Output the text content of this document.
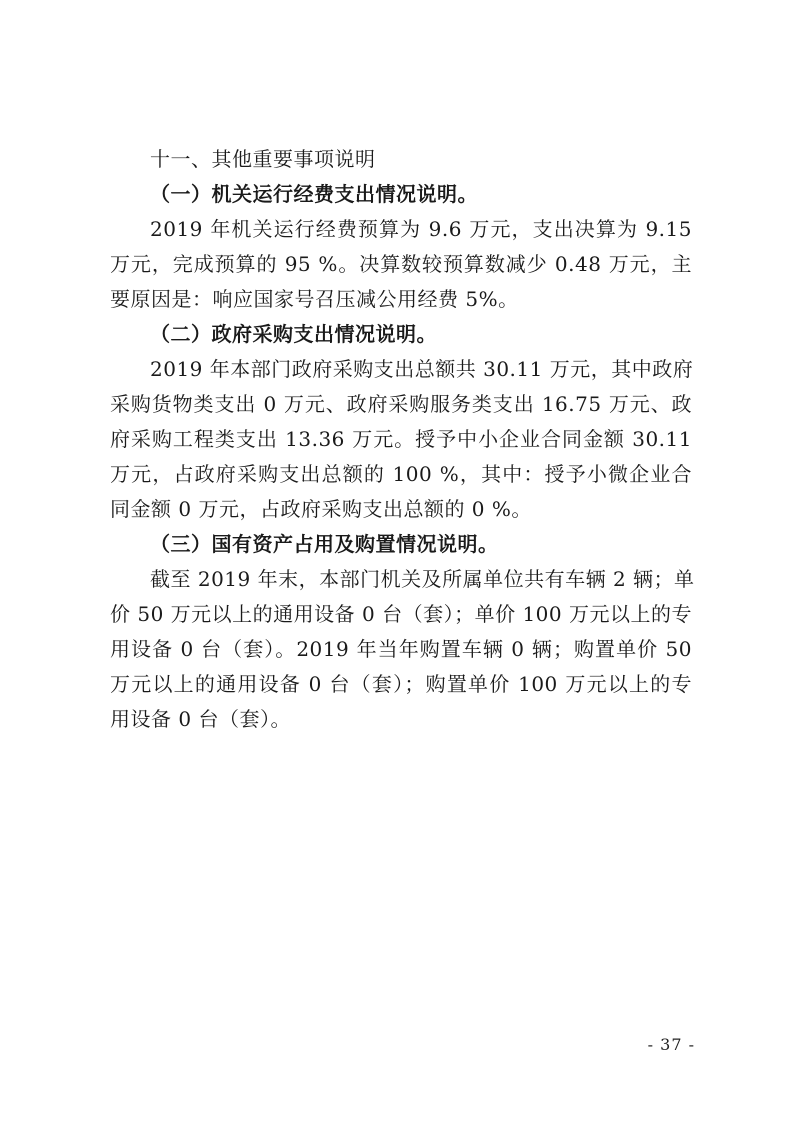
十一、其他重要事项说明
（一）机关运行经费支出情况说明。
2019 年机关运行经费预算为 9.6 万元，支出决算为 9.15
万元，完成预算的 95 %。决算数较预算数减少 0.48 万元，主
要原因是：响应国家号召压减公用经费 5%。
（二）政府采购支出情况说明。
2019 年本部门政府采购支出总额共 30.11 万元，其中政府
采购货物类支出 0 万元、政府采购服务类支出 16.75 万元、政
府采购工程类支出 13.36 万元。授予中小企业合同金额 30.11
万元，占政府采购支出总额的 100 %，其中：授予小微企业合
同金额 0 万元，占政府采购支出总额的 0 %。
（三）国有资产占用及购置情况说明。
截至 2019 年末，本部门机关及所属单位共有车辆 2 辆；单
价 50 万元以上的通用设备 0 台（套）；单价 100 万元以上的专
用设备 0 台（套）。2019 年当年购置车辆 0 辆；购置单价 50
万元以上的通用设备 0 台（套）；购置单价 100 万元以上的专
用设备 0 台（套）。
- 37 -
